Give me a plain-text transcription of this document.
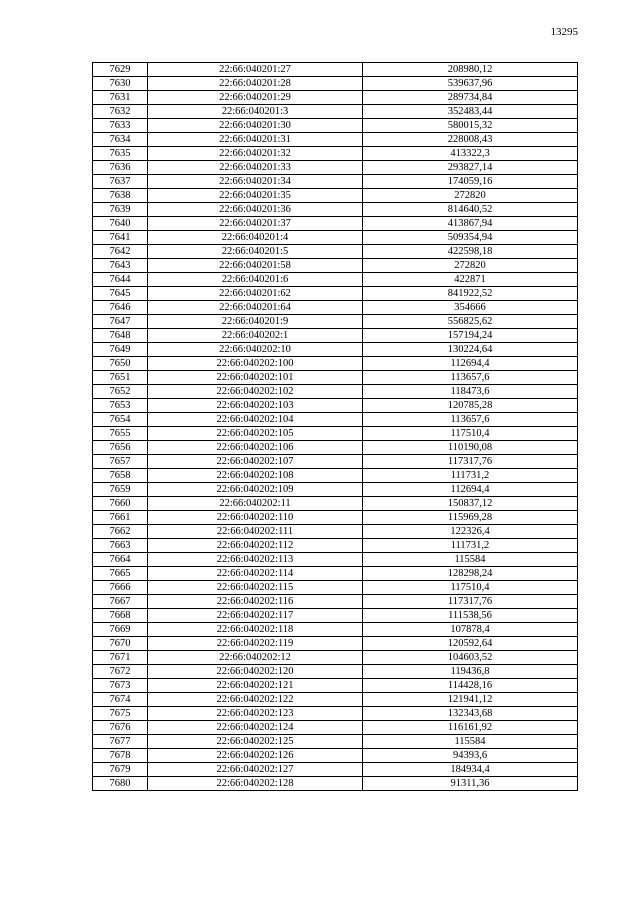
13295
7629	22:66:040201:27	208980,12
7630	22:66:040201:28	539637,96
7631	22:66:040201:29	289734,84
7632	22:66:040201:3	352483,44
7633	22:66:040201:30	580015,32
7634	22:66:040201:31	228008,43
7635	22:66:040201:32	413322,3
7636	22:66:040201:33	293827,14
7637	22:66:040201:34	174059,16
7638	22:66:040201:35	272820
7639	22:66:040201:36	814640,52
7640	22:66:040201:37	413867,94
7641	22:66:040201:4	509354,94
7642	22:66:040201:5	422598,18
7643	22:66:040201:58	272820
7644	22:66:040201:6	422871
7645	22:66:040201:62	841922,52
7646	22:66:040201:64	354666
7647	22:66:040201:9	556825,62
7648	22:66:040202:1	157194,24
7649	22:66:040202:10	130224,64
7650	22:66:040202:100	112694,4
7651	22:66:040202:101	113657,6
7652	22:66:040202:102	118473,6
7653	22:66:040202:103	120785,28
7654	22:66:040202:104	113657,6
7655	22:66:040202:105	117510,4
7656	22:66:040202:106	110190,08
7657	22:66:040202:107	117317,76
7658	22:66:040202:108	111731,2
7659	22:66:040202:109	112694,4
7660	22:66:040202:11	150837,12
7661	22:66:040202:110	115969,28
7662	22:66:040202:111	122326,4
7663	22:66:040202:112	111731,2
7664	22:66:040202:113	115584
7665	22:66:040202:114	128298,24
7666	22:66:040202:115	117510,4
7667	22:66:040202:116	117317,76
7668	22:66:040202:117	111538,56
7669	22:66:040202:118	107878,4
7670	22:66:040202:119	120592,64
7671	22:66:040202:12	104603,52
7672	22:66:040202:120	119436,8
7673	22:66:040202:121	114428,16
7674	22:66:040202:122	121941,12
7675	22:66:040202:123	132343,68
7676	22:66:040202:124	116161,92
7677	22:66:040202:125	115584
7678	22:66:040202:126	94393,6
7679	22:66:040202:127	184934,4
7680	22:66:040202:128	91311,36
